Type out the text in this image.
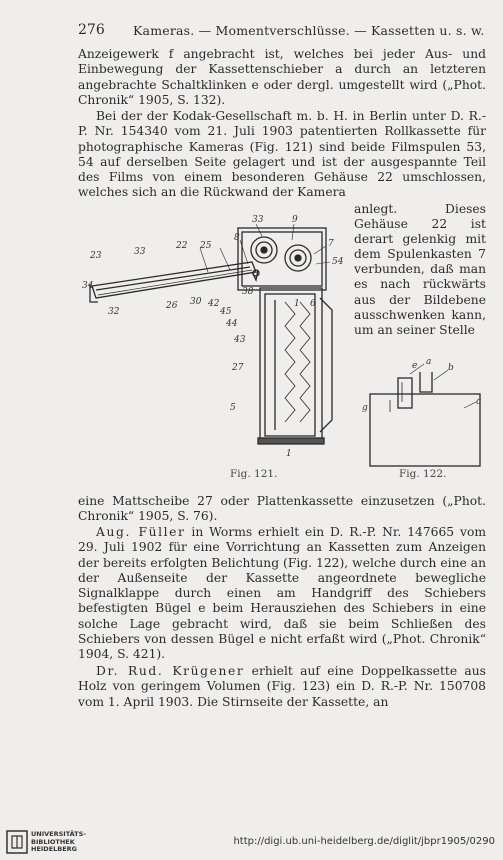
276 Kameras. — Momentverschlüsse. — Kassetten u. s. w.

Anzeigewerk f angebracht ist, welches bei jeder Aus- und Einbewegung der Kassettenschieber a durch an letzteren angebrachte Schaltklinken e oder dergl. umgestellt wird („Phot. Chronik“ 1905, S. 132).

Bei der der Kodak-Gesellschaft m. b. H. in Berlin unter D. R.-P. Nr. 154340 vom 21. Juli 1903 patentierten Rollkassette für photographische Kameras (Fig. 121) sind beide Filmspulen 53, 54 auf derselben Seite gelagert und ist der ausgespannte Teil des Films von einem besonderen Gehäuse 22 umschlossen, welches sich an die Rückwand der Kamera

anlegt. Dieses Gehäuse 22 ist derart gelenkig mit dem Spulenkasten 7 verbunden, daß man es nach rückwärts aus der Bildebene ausschwenken kann, um an seiner Stelle

33	9
7
54
23	33
22 25
8
38
34
26 30 42
45
44
43
1 6
27
5
1
32
e a
b
g
c
Fig. 121.	Fig. 122.

eine Mattscheibe 27 oder Plattenkassette einzusetzen („Phot. Chronik“ 1905, S. 76).

Aug. Füller in Worms erhielt ein D. R.-P. Nr. 147665 vom 29. Juli 1902 für eine Vorrichtung an Kassetten zum Anzeigen der bereits erfolgten Belichtung (Fig. 122), welche durch eine an der Außenseite der Kassette angeordnete bewegliche Signalklappe durch einen am Handgriff des Schiebers befestigten Bügel e beim Herausziehen des Schiebers in eine solche Lage gebracht wird, daß sie beim Schließen des Schiebers von dessen Bügel e nicht erfaßt wird („Phot. Chronik“ 1904, S. 421).

Dr. Rud. Krügener erhielt auf eine Doppelkassette aus Holz von geringem Volumen (Fig. 123) ein D. R.-P. Nr. 150708 vom 1. April 1903. Die Stirnseite der Kassette, an

UNIVERSITÄTS-
BIBLIOTHEK
HEIDELBERG
http://digi.ub.uni-heidelberg.de/diglit/jbpr1905/0290
